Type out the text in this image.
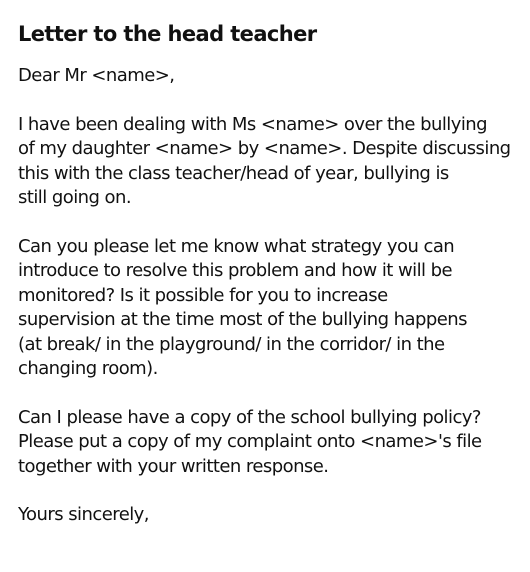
Letter to the head teacher
Dear Mr <name>,
I have been dealing with Ms <name> over the bullying
of my daughter <name> by <name>. Despite discussing
this with the class teacher/head of year, bullying is
still going on.
Can you please let me know what strategy you can
introduce to resolve this problem and how it will be
monitored? Is it possible for you to increase
supervision at the time most of the bullying happens
(at break/ in the playground/ in the corridor/ in the
changing room).
Can I please have a copy of the school bullying policy?
Please put a copy of my complaint onto <name>'s file
together with your written response.
Yours sincerely,
